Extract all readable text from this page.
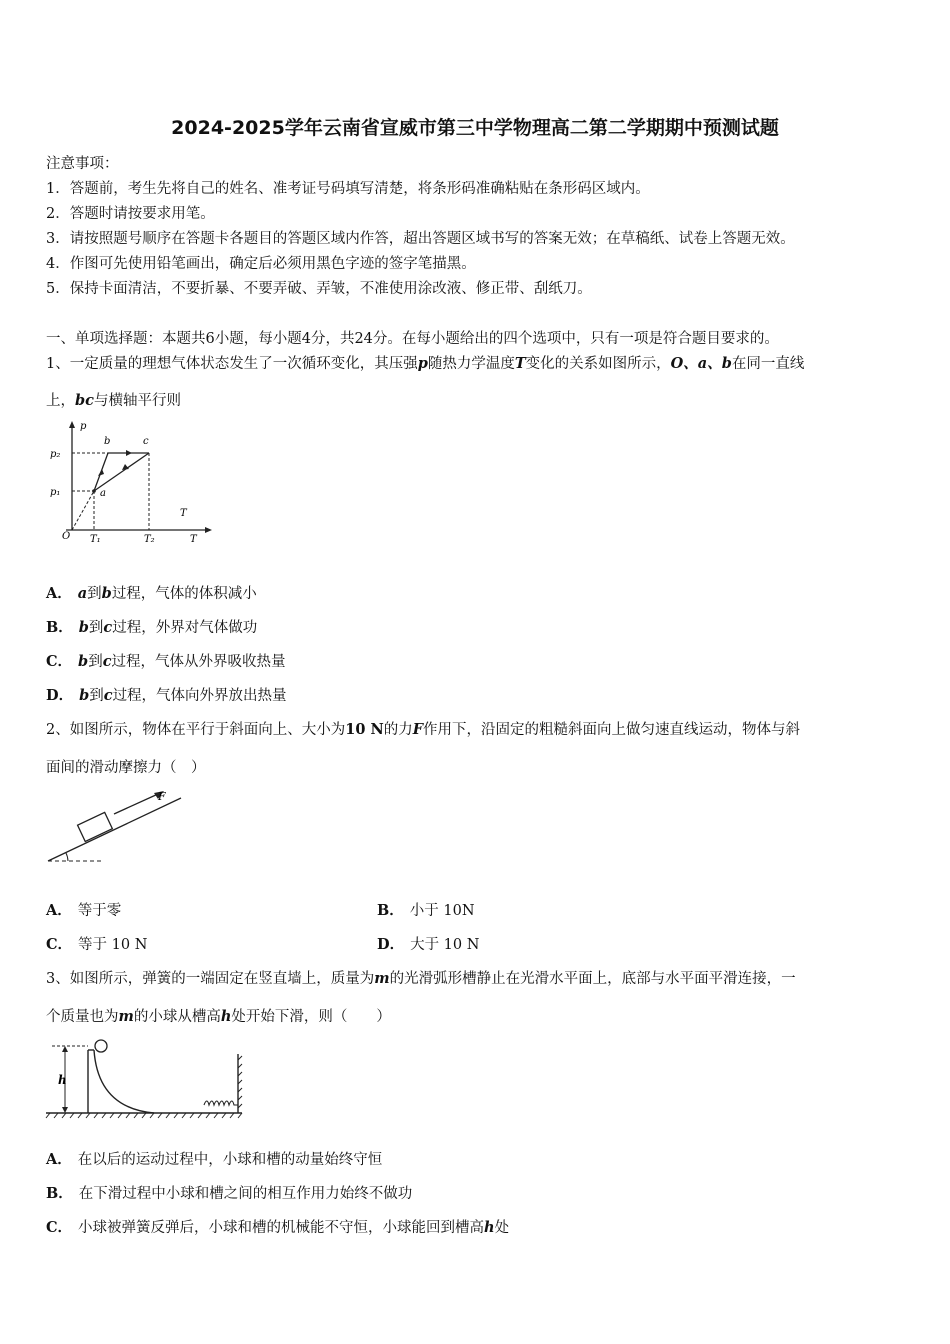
2024-2025学年云南省宣威市第三中学物理高二第二学期期中预测试题
注意事项：
1．答题前，考生先将自己的姓名、准考证号码填写清楚，将条形码准确粘贴在条形码区域内。
2．答题时请按要求用笔。
3．请按照题号顺序在答题卡各题目的答题区域内作答，超出答题区域书写的答案无效；在草稿纸、试卷上答题无效。
4．作图可先使用铅笔画出，确定后必须用黑色字迹的签字笔描黑。
5．保持卡面清洁，不要折暴、不要弄破、弄皱，不准使用涂改液、修正带、刮纸刀。
一、单项选择题：本题共6小题，每小题4分，共24分。在每小题给出的四个选项中，只有一项是符合题目要求的。
1、一定质量的理想气体状态发生了一次循环变化，其压强p随热力学温度T变化的关系如图所示，O、a、b在同一直线
上，bc与横轴平行则
p
T
O
p₂
p₁
T₁	T₂
a
b	c
T
A． a到b过程，气体的体积减小
B． b到c过程，外界对气体做功
C． b到c过程，气体从外界吸收热量
D． b到c过程，气体向外界放出热量
2、如图所示，物体在平行于斜面向上、大小为10 N的力F作用下，沿固定的粗糙斜面向上做匀速直线运动，物体与斜
面间的滑动摩擦力（　）
F
A． 等于零	B． 小于 10N
C． 等于 10 N	D． 大于 10 N
3、如图所示，弹簧的一端固定在竖直墙上，质量为m的光滑弧形槽静止在光滑水平面上，底部与水平面平滑连接，一
个质量也为m的小球从槽高h处开始下滑，则（　　）
h
A． 在以后的运动过程中，小球和槽的动量始终守恒
B． 在下滑过程中小球和槽之间的相互作用力始终不做功
C． 小球被弹簧反弹后，小球和槽的机械能不守恒，小球能回到槽高h处
